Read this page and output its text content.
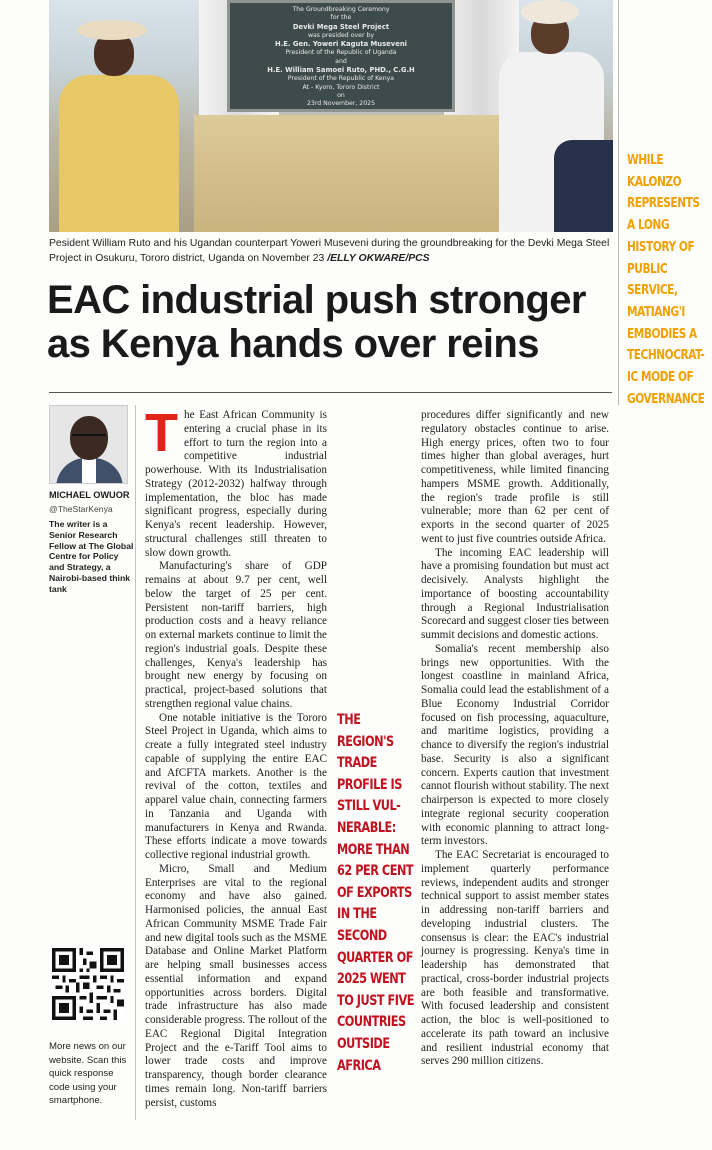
The Groundbreaking Ceremony
for the

Devki Mega Steel Project
was presided over by

H.E. Gen. Yoweri Kaguta Museveni
President of the Republic of Uganda
and

H.E. William Samoei Ruto, PHD., C.G.H
President of the Republic of Kenya
At - Kyoro, Tororo District
on
23rd November, 2025
Pesident William Ruto and his Ugandan counterpart Yoweri Museveni during the groundbreaking for the Devki Mega Steel Project in Osukuru, Tororo district, Uganda on November 23 /ELLY OKWARE/PCS
WHILE KALONZO REPRESENTS A LONG HISTORY OF PUBLIC SERVICE, MATIANG'I EMBODIES A TECHNOCRAT-IC MODE OF GOVERNANCE
EAC industrial push stronger as Kenya hands over reins
MICHAEL OWUOR
@TheStarKenya
The writer is a Senior Research Fellow at The Global Centre for Policy and Strategy, a Nairobi-based think tank
More news on our website. Scan this quick response code using your smartphone.

The East African Community is entering a crucial phase in its effort to turn the region into a competitive industrial powerhouse. With its Industrialisation Strategy (2012-2032) halfway through implementation, the bloc has made significant progress, especially during Kenya's recent leadership. However, structural challenges still threaten to slow down growth.

Manufacturing's share of GDP remains at about 9.7 per cent, well below the target of 25 per cent. Persistent non-tariff barriers, high production costs and a heavy reliance on external markets continue to limit the region's industrial goals. Despite these challenges, Kenya's leadership has brought new energy by focusing on practical, project-based solutions that strengthen regional value chains.

One notable initiative is the Tororo Steel Project in Uganda, which aims to create a fully integrated steel industry capable of supplying the entire EAC and AfCFTA markets. Another is the revival of the cotton, textiles and apparel value chain, connecting farmers in Tanzania and Uganda with manufacturers in Kenya and Rwanda. These efforts indicate a move towards collective regional industrial growth.

Micro, Small and Medium Enterprises are vital to the regional economy and have also gained. Harmonised policies, the annual East African Community MSME Trade Fair and new digital tools such as the MSME Database and Online Market Platform are helping small businesses access essential information and expand opportunities across borders. Digital trade infrastructure has also made considerable progress. The rollout of the EAC Regional Digital Integration Project and the e-Tariff Tool aims to lower trade costs and improve transparency, though border clearance times remain long. Non-tariff barriers persist, customs

THE REGION'S TRADE PROFILE IS STILL VUL-NERABLE: MORE THAN 62 PER CENT OF EXPORTS IN THE SECOND QUARTER OF 2025 WENT TO JUST FIVE COUNTRIES OUTSIDE AFRICA

procedures differ significantly and new regulatory obstacles continue to arise. High energy prices, often two to four times higher than global averages, hurt competitiveness, while limited financing hampers MSME growth. Additionally, the region's trade profile is still vulnerable; more than 62 per cent of exports in the second quarter of 2025 went to just five countries outside Africa.

The incoming EAC leadership will have a promising foundation but must act decisively. Analysts highlight the importance of boosting accountability through a Regional Industrialisation Scorecard and suggest closer ties between summit decisions and domestic actions.

Somalia's recent membership also brings new opportunities. With the longest coastline in mainland Africa, Somalia could lead the establishment of a Blue Economy Industrial Corridor focused on fish processing, aquaculture, and maritime logistics, providing a chance to diversify the region's industrial base. Security is also a significant concern. Experts caution that investment cannot flourish without stability. The next chairperson is expected to more closely integrate regional security cooperation with economic planning to attract long-term investors.

The EAC Secretariat is encouraged to implement quarterly performance reviews, independent audits and stronger technical support to assist member states in addressing non-tariff barriers and developing industrial clusters. The consensus is clear: the EAC's industrial journey is progressing. Kenya's time in leadership has demonstrated that practical, cross-border industrial projects are both feasible and transformative. With focused leadership and consistent action, the bloc is well-positioned to accelerate its path toward an inclusive and resilient industrial economy that serves 290 million citizens.
